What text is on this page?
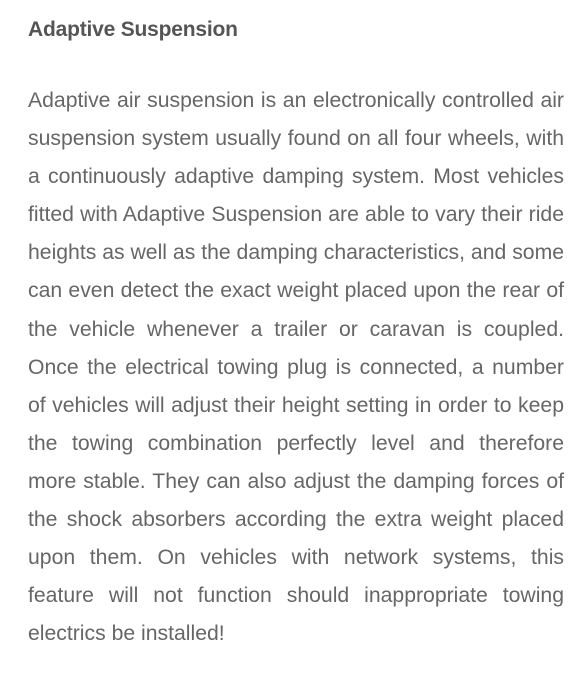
Adaptive Suspension

Adaptive air suspension is an electronically controlled air suspension system usually found on all four wheels, with a continuously adaptive damping system. Most vehicles fitted with Adaptive Suspension are able to vary their ride heights as well as the damping characteristics, and some can even detect the exact weight placed upon the rear of the vehicle whenever a trailer or caravan is coupled. Once the electrical towing plug is connected, a number of vehicles will adjust their height setting in order to keep the towing combination perfectly level and therefore more stable. They can also adjust the damping forces of the shock absorbers according the extra weight placed upon them. On vehicles with network systems, this feature will not function should inappropriate towing electrics be installed!
